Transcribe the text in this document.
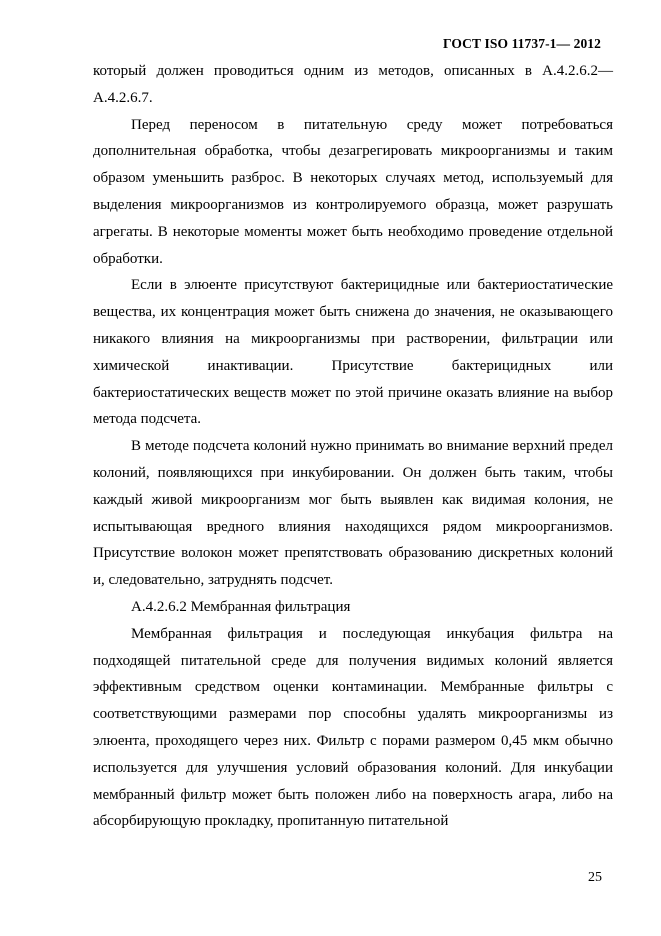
ГОСТ ISO 11737-1— 2012

который должен проводиться одним из методов, описанных в A.4.2.6.2—A.4.2.6.7.

Перед переносом в питательную среду может потребоваться дополнительная обработка, чтобы дезагрегировать микроорганизмы и таким образом уменьшить разброс. В некоторых случаях метод, используемый для выделения микроорганизмов из контролируемого образца, может разрушать агрегаты. В некоторые моменты может быть необходимо проведение отдельной обработки.

Если в элюенте присутствуют бактерицидные или бактериостатические вещества, их концентрация может быть снижена до значения, не оказывающего никакого влияния на микроорганизмы при растворении, фильтрации или химической инактивации. Присутствие бактерицидных или бактериостатических веществ может по этой причине оказать влияние на выбор метода подсчета.

В методе подсчета колоний нужно принимать во внимание верхний предел колоний, появляющихся при инкубировании. Он должен быть таким, чтобы каждый живой микроорганизм мог быть выявлен как видимая колония, не испытывающая вредного влияния находящихся рядом микроорганизмов. Присутствие волокон может препятствовать образованию дискретных колоний и, следовательно, затруднять подсчет.

A.4.2.6.2 Мембранная фильтрация

Мембранная фильтрация и последующая инкубация фильтра на подходящей питательной среде для получения видимых колоний является эффективным средством оценки контаминации. Мембранные фильтры с соответствующими размерами пор способны удалять микроорганизмы из элюента, проходящего через них. Фильтр с порами размером 0,45 мкм обычно используется для улучшения условий образования колоний. Для инкубации мембранный фильтр может быть положен либо на поверхность агара, либо на абсорбирующую прокладку, пропитанную питательной

25
